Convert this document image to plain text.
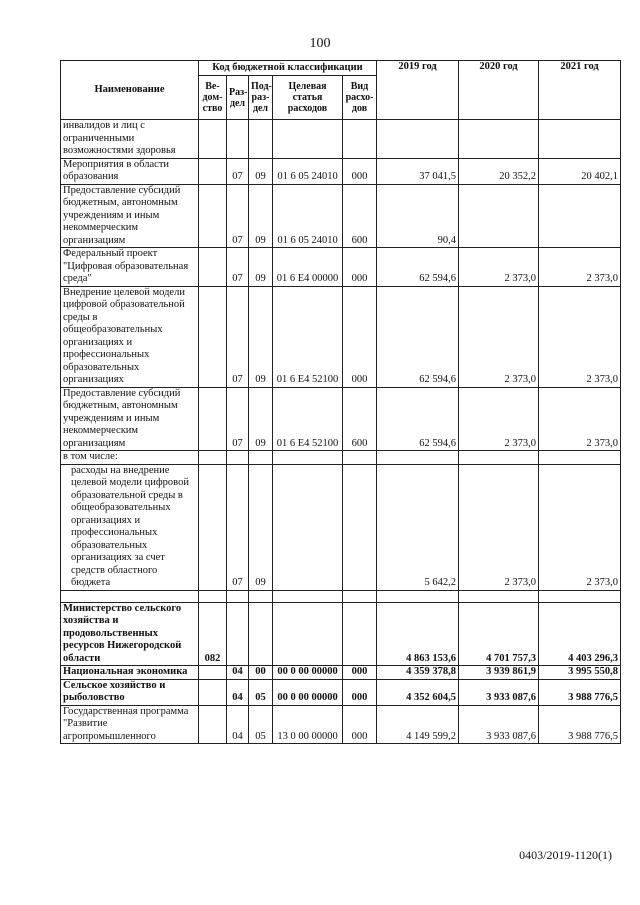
100
Наименование	Код бюджетной классификации					2019 год	2020 год	2021 год
	Ве-дом-ство	Раз-дел	Под-раз-дел	Целевая статья расходов	Вид расхо-дов			
инвалидов и лиц с ограниченными возможностями здоровья								
Мероприятия в области образования		07	09	01 6 05 24010	000	37 041,5	20 352,2	20 402,1
Предоставление субсидий бюджетным, автономным учреждениям и иным некоммерческим организациям		07	09	01 6 05 24010	600	90,4		
Федеральный проект "Цифровая образовательная среда"		07	09	01 6 E4 00000	000	62 594,6	2 373,0	2 373,0
Внедрение целевой модели цифровой образовательной среды в общеобразовательных организациях и профессиональных образовательных организациях		07	09	01 6 E4 52100	000	62 594,6	2 373,0	2 373,0
Предоставление субсидий бюджетным, автономным учреждениям и иным некоммерческим организациям		07	09	01 6 E4 52100	600	62 594,6	2 373,0	2 373,0
в том числе:								
расходы на внедрение целевой модели цифровой образовательной среды в общеобразовательных организациях и профессиональных образовательных организациях за счет средств областного бюджета		07	09			5 642,2	2 373,0	2 373,0

Министерство сельского хозяйства и продовольственных ресурсов Нижегородской области	082					4 863 153,6	4 701 757,3	4 403 296,3
Национальная экономика		04	00	00 0 00 00000	000	4 359 378,8	3 939 861,9	3 995 550,8
Сельское хозяйство и рыболовство		04	05	00 0 00 00000	000	4 352 604,5	3 933 087,6	3 988 776,5
Государственная программа "Развитие агропромышленного		04	05	13 0 00 00000	000	4 149 599,2	3 933 087,6	3 988 776,5
0403/2019-1120(1)
